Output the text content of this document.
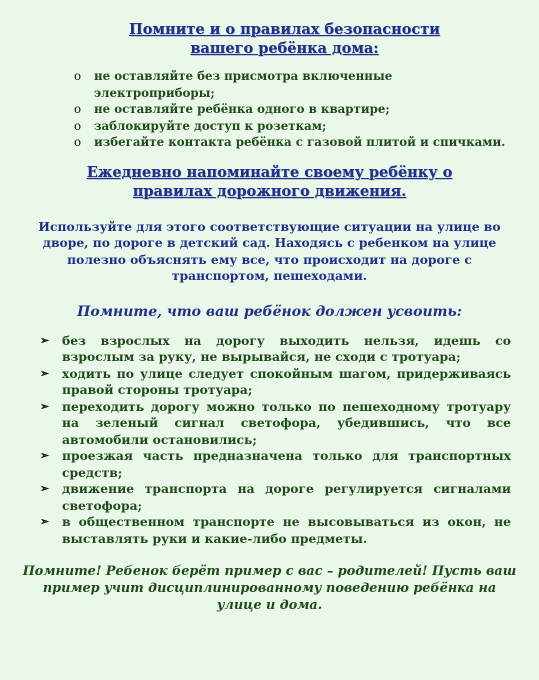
Помните и о правилах безопасности
вашего ребёнка дома:
o не оставляйте без присмотра включенные электроприборы;
o не оставляйте ребёнка одного в квартире;
o заблокируйте доступ к розеткам;
o избегайте контакта ребёнка с газовой плитой и спичками.
Ежедневно напоминайте своему ребёнку о
правилах дорожного движения.
Используйте для этого соответствующие ситуации на улице во дворе, по дороге в детский сад. Находясь с ребенком на улице полезно объяснять ему все, что происходит на дороге с транспортом, пешеходами.
Помните, что ваш ребёнок должен усвоить:
➢ без взрослых на дорогу выходить нельзя, идешь со взрослым за руку, не вырывайся, не сходи с тротуара;
➢ ходить по улице следует спокойным шагом, придерживаясь правой стороны тротуара;
➢ переходить дорогу можно только по пешеходному тротуару на зеленый сигнал светофора, убедившись, что все автомобили остановились;
➢ проезжая часть предназначена только для транспортных средств;
➢ движение транспорта на дороге регулируется сигналами светофора;
➢ в общественном транспорте не высовываться из окон, не выставлять руки и какие-либо предметы.
Помните! Ребенок берёт пример с вас – родителей! Пусть ваш пример учит дисциплинированному поведению ребёнка на улице и дома.
